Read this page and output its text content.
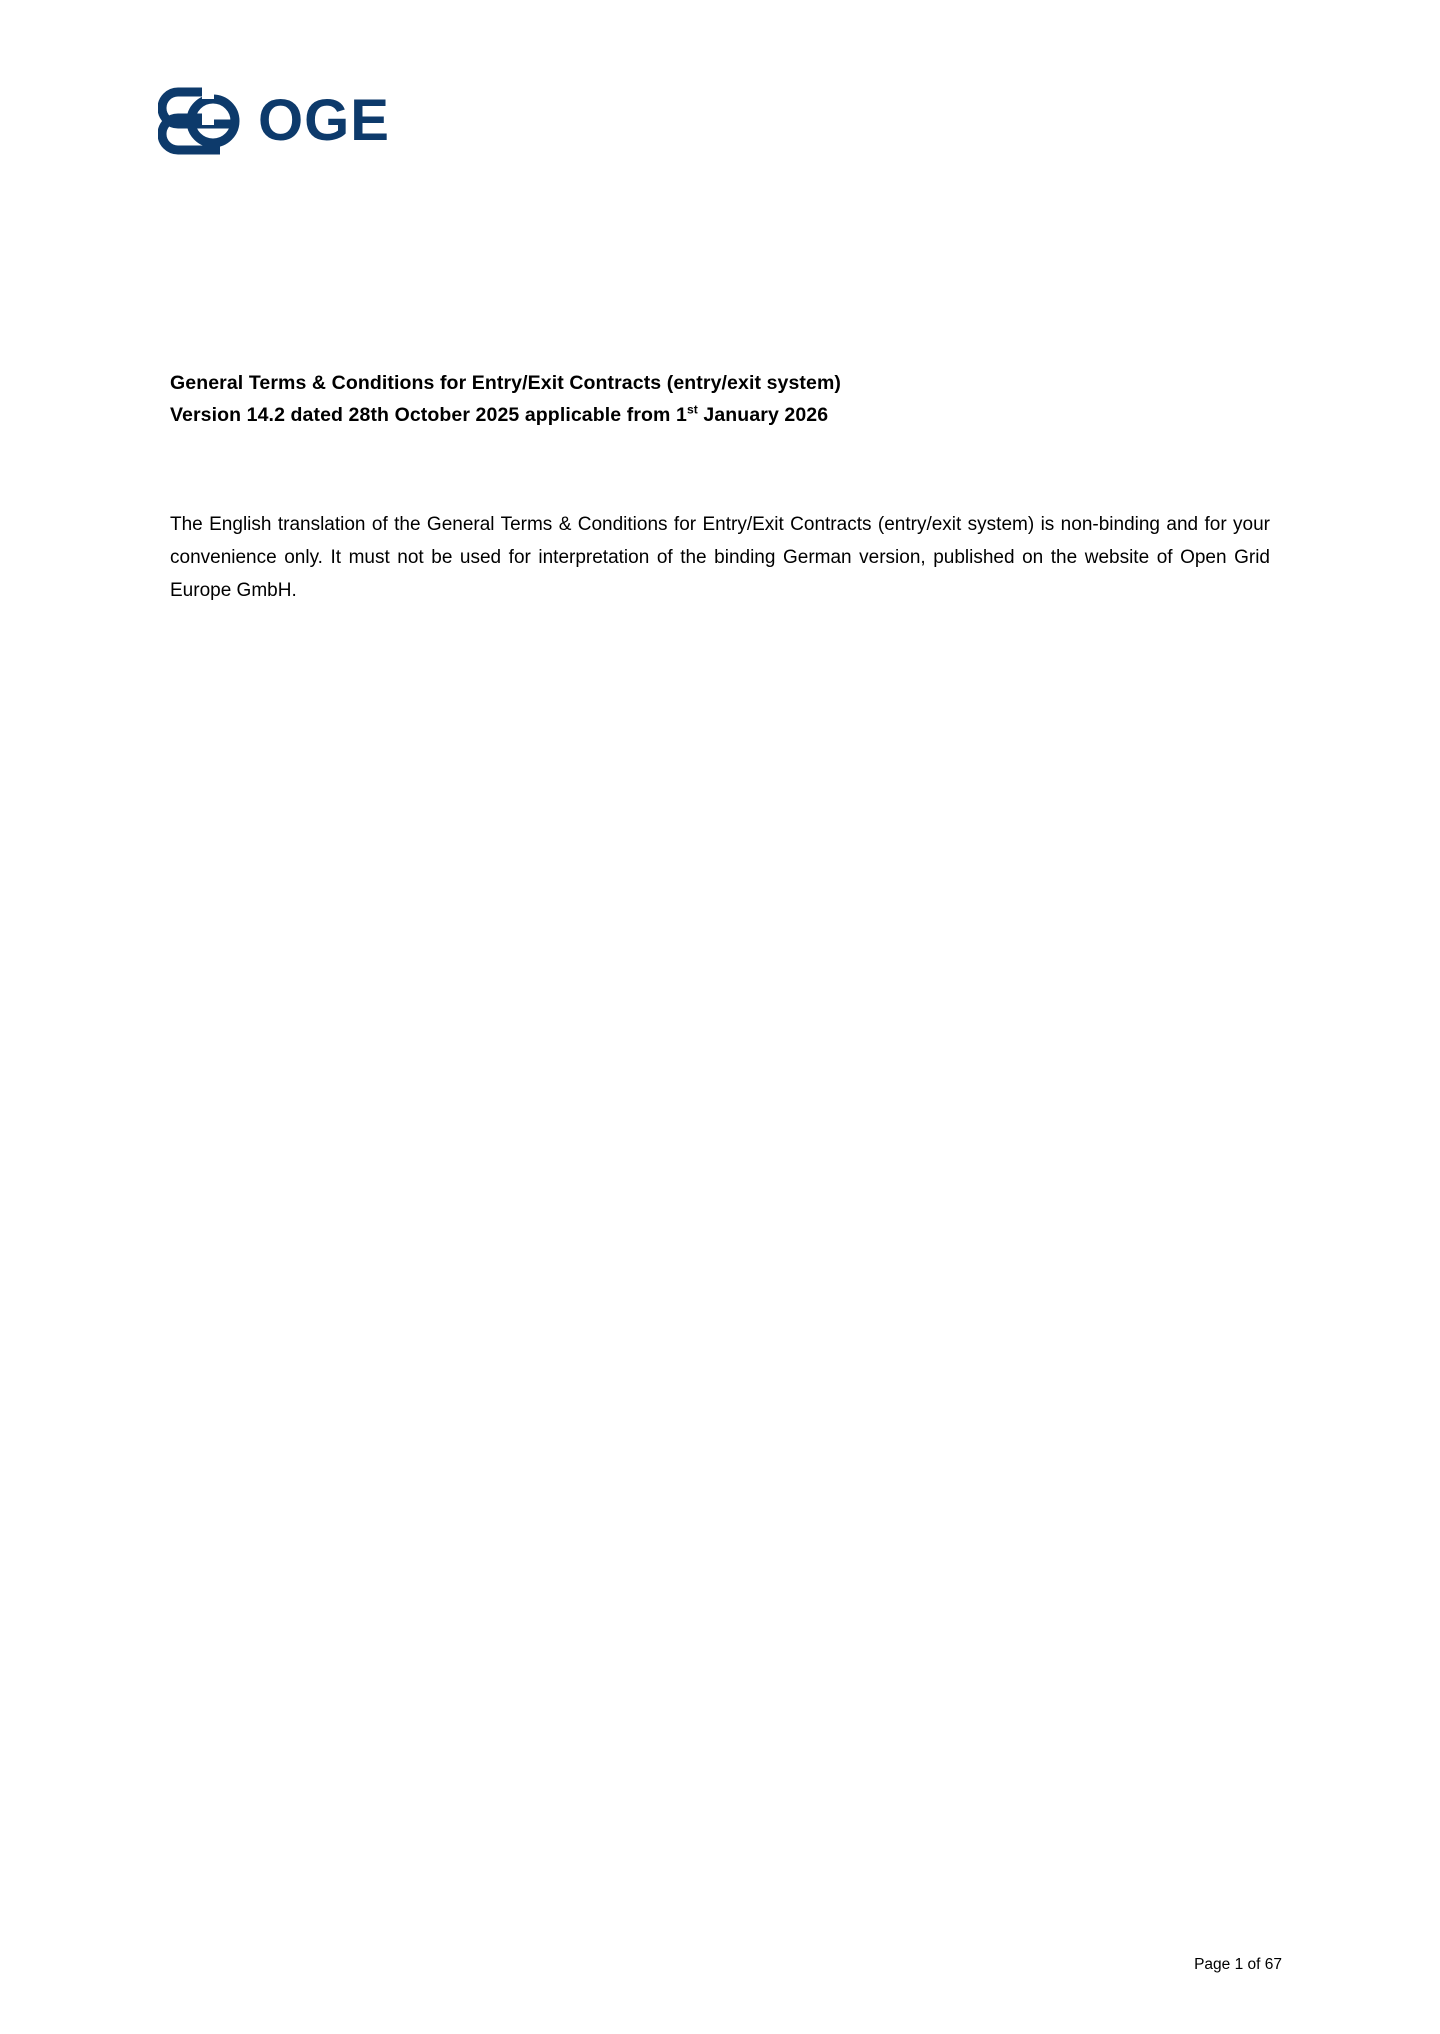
OGE
General Terms & Conditions for Entry/Exit Contracts (entry/exit system)
Version 14.2 dated 28th October 2025 applicable from 1st January 2026

The English translation of the General Terms & Conditions for Entry/Exit Contracts (entry/exit system) is non-binding and for your convenience only. It must not be used for interpretation of the binding German version, published on the website of Open Grid Europe GmbH.

Page 1 of 67
